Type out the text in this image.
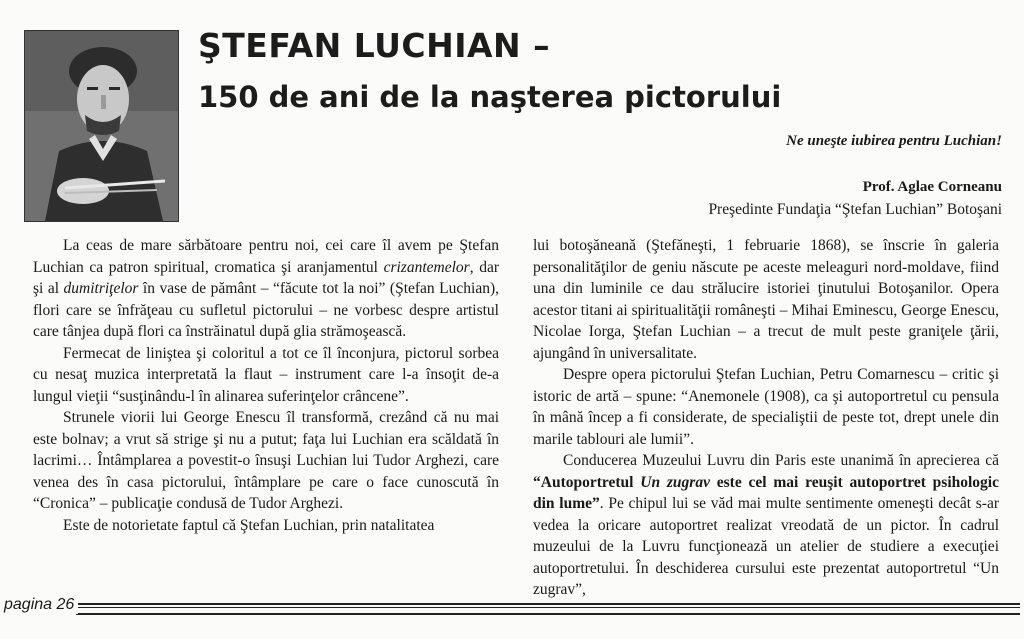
ŞTEFAN LUCHIAN –
150 de ani de la naşterea pictorului
Ne uneşte iubirea pentru Luchian!
Prof. Aglae Corneanu
Preşedinte Fundaţia “Ştefan Luchian” Botoşani

La ceas de mare sărbătoare pentru noi, cei care îl avem pe Ştefan Luchian ca patron spiritual, cromatica şi aranjamentul crizantemelor, dar şi al dumitriţelor în vase de pământ – “făcute tot la noi” (Ştefan Luchian), flori care se înfrăţeau cu sufletul pictorului – ne vorbesc despre artistul care tânjea după flori ca înstrăinatul după glia strămoşească.

Fermecat de liniştea şi coloritul a tot ce îl înconjura, pictorul sorbea cu nesaţ muzica interpretată la flaut – instrument care l-a însoţit de-a lungul vieţii “susţinându-l în alinarea suferinţelor crâncene”.

Strunele viorii lui George Enescu îl transformă, crezând că nu mai este bolnav; a vrut să strige şi nu a putut; faţa lui Luchian era scăldată în lacrimi… Întâmplarea a povestit-o însuşi Luchian lui Tudor Arghezi, care venea des în casa pictorului, întâmplare pe care o face cunoscută în “Cronica” – publicaţie condusă de Tudor Arghezi.

Este de notorietate faptul că Ştefan Luchian, prin natalitatea

lui botoşăneană (Ştefăneşti, 1 februarie 1868), se înscrie în galeria personalităţilor de geniu născute pe aceste meleaguri nord-moldave, fiind una din luminile ce dau strălucire istoriei ţinutului Botoşanilor. Opera acestor titani ai spiritualităţii româneşti – Mihai Eminescu, George Enescu, Nicolae Iorga, Ştefan Luchian – a trecut de mult peste graniţele ţării, ajungând în universalitate.

Despre opera pictorului Ştefan Luchian, Petru Comarnescu – critic şi istoric de artă – spune: “Anemonele (1908), ca şi autoportretul cu pensula în mână încep a fi considerate, de specialiştii de peste tot, drept unele din marile tablouri ale lumii”.

Conducerea Muzeului Luvru din Paris este unanimă în aprecierea că “Autoportretul Un zugrav este cel mai reuşit autoportret psihologic din lume”. Pe chipul lui se văd mai multe sentimente omeneşti decât s-ar vedea la oricare autoportret realizat vreodată de un pictor. În cadrul muzeului de la Luvru funcţionează un atelier de studiere a execuţiei autoportretului. În deschiderea cursului este prezentat autoportretul “Un zugrav”,

pagina 26
